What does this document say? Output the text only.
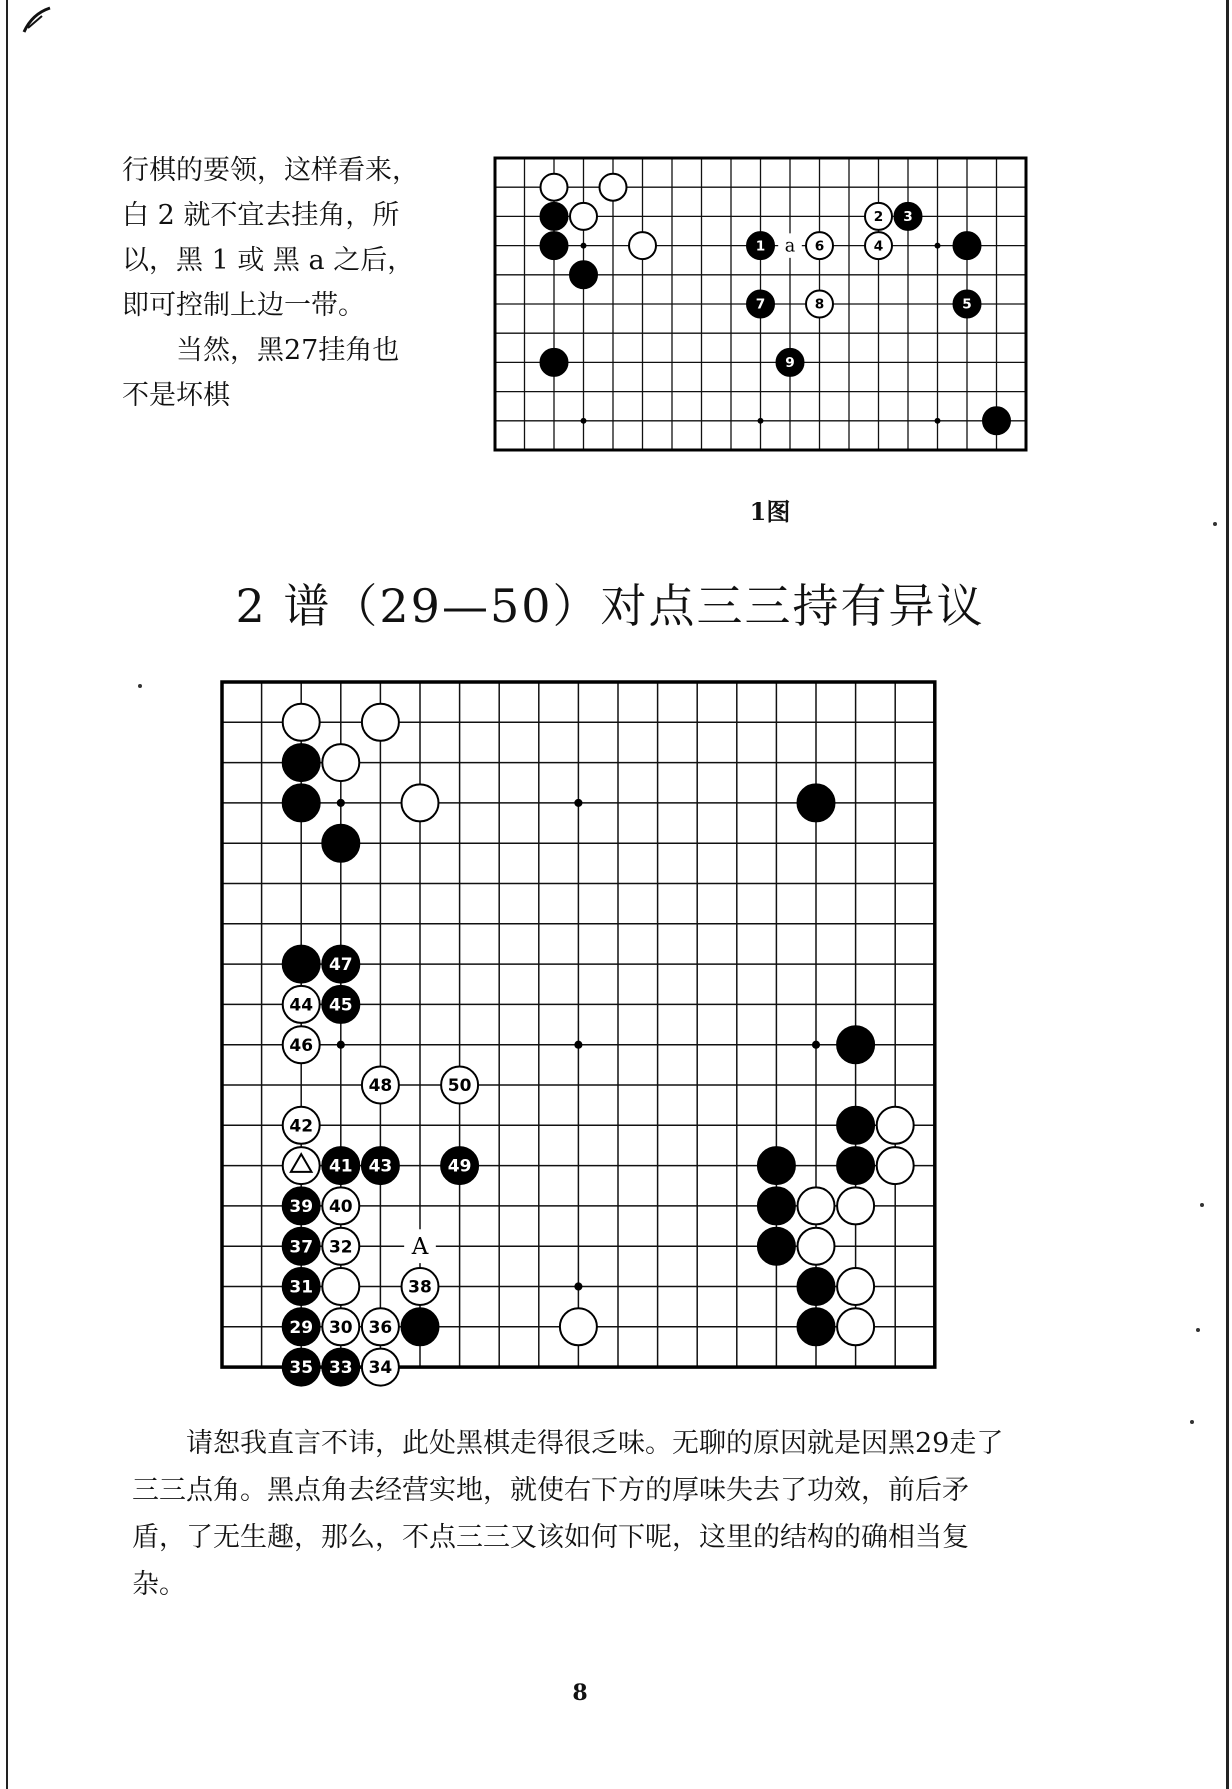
行棋的要领，这样看来，

白 2 就不宜去挂角，所

以，黑 1 或 黑 a 之后，

即可控制上边一带。

当然，黑27挂角也

不是坏棋

1
2 3
4
5
6
7	8
9
a
1图
2 谱（29—50）对点三三持有异议
47
44 45
46
48	50
42
41 43	49
39 40
37 32
31	38
29 30 36
35 33 34
A

请恕我直言不讳，此处黑棋走得很乏味。无聊的原因就是因黑29走了三三点角。黑点角去经营实地，就使右下方的厚味失去了功效，前后矛盾，了无生趣，那么，不点三三又该如何下呢，这里的结构的确相当复杂。

8
